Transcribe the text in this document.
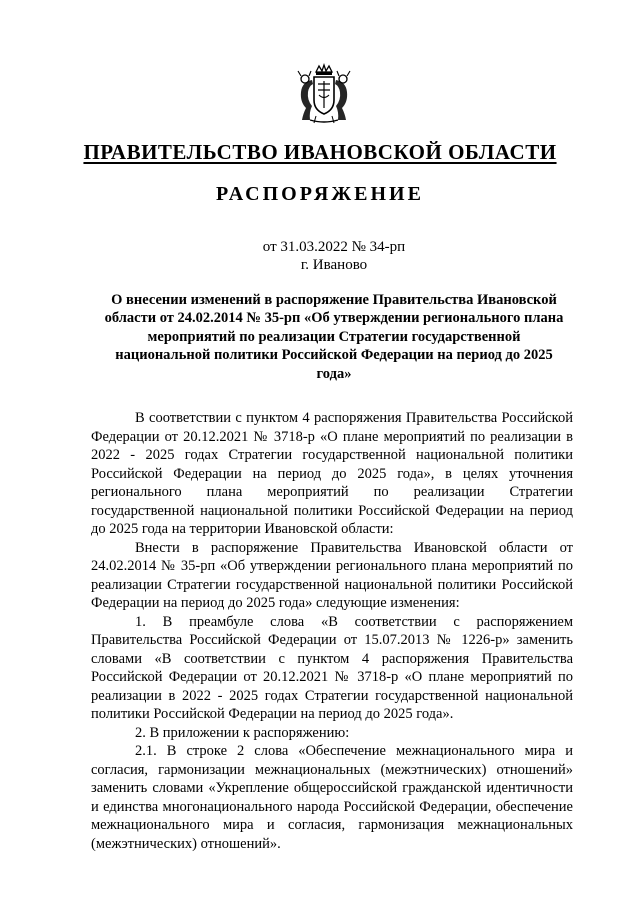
ПРАВИТЕЛЬСТВО ИВАНОВСКОЙ ОБЛАСТИ
РАСПОРЯЖЕНИЕ
от 31.03.2022 № 34-рп
г. Иваново
О внесении изменений в распоряжение Правительства Ивановской области от 24.02.2014 № 35-рп «Об утверждении регионального плана мероприятий по реализации Стратегии государственной национальной политики Российской Федерации на период до 2025 года»

В соответствии с пунктом 4 распоряжения Правительства Российской Федерации от 20.12.2021 № 3718-р «О плане мероприятий по реализации в 2022 - 2025 годах Стратегии государственной национальной политики Российской Федерации на период до 2025 года», в целях уточнения регионального плана мероприятий по реализации Стратегии государственной национальной политики Российской Федерации на период до 2025 года на территории Ивановской области:

Внести в распоряжение Правительства Ивановской области от 24.02.2014 № 35-рп «Об утверждении регионального плана мероприятий по реализации Стратегии государственной национальной политики Российской Федерации на период до 2025 года» следующие изменения:

1. В преамбуле слова «В соответствии с распоряжением Правительства Российской Федерации от 15.07.2013 № 1226-р» заменить словами «В соответствии с пунктом 4 распоряжения Правительства Российской Федерации от 20.12.2021 № 3718-р «О плане мероприятий по реализации в 2022 - 2025 годах Стратегии государственной национальной политики Российской Федерации на период до 2025 года».

2. В приложении к распоряжению:

2.1. В строке 2 слова «Обеспечение межнационального мира и согласия, гармонизации межнациональных (межэтнических) отношений» заменить словами «Укрепление общероссийской гражданской идентичности и единства многонационального народа Российской Федерации, обеспечение межнационального мира и согласия, гармонизация межнациональных (межэтнических) отношений».
